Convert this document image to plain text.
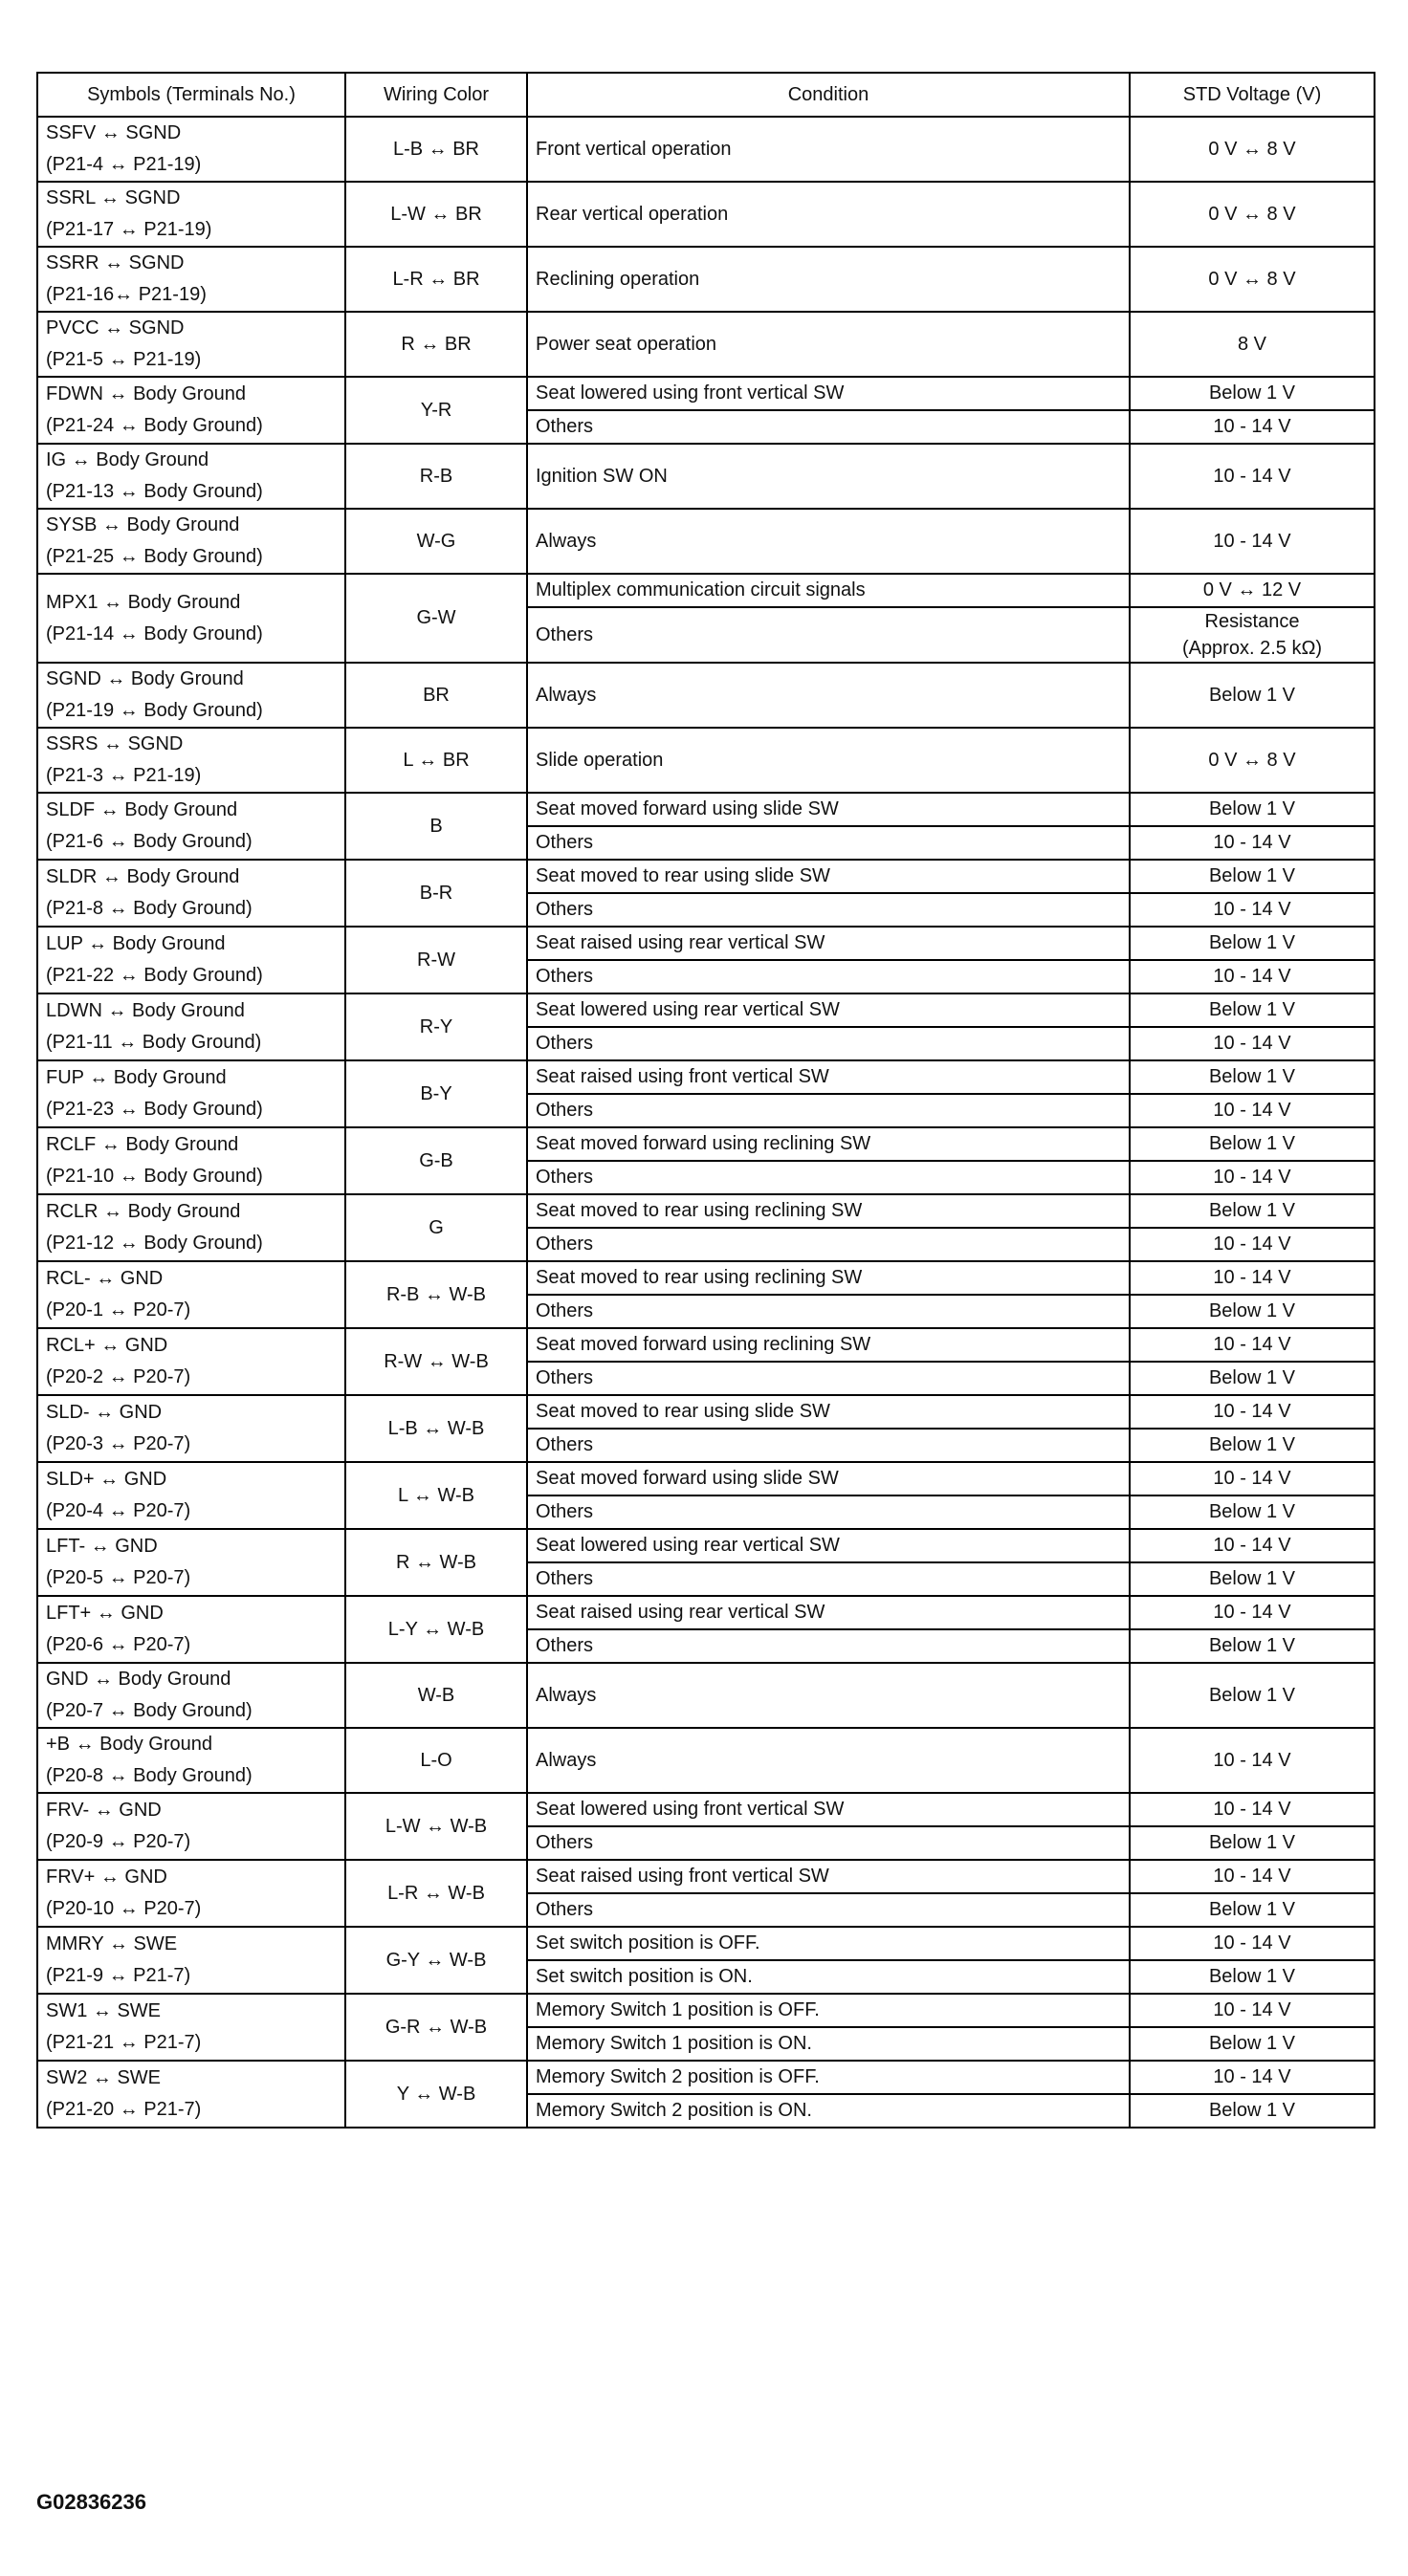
Symbols (Terminals No.)	Wiring Color	Condition	STD Voltage (V)

SSFV ↔ SGND
(P21-4 ↔ P21-19)	L-B ↔ BR	Front vertical operation	0 V ↔ 8 V

SSRL ↔ SGND
(P21-17 ↔ P21-19)	L-W ↔ BR	Rear vertical operation	0 V ↔ 8 V

SSRR ↔ SGND
(P21-16↔ P21-19)	L-R ↔ BR	Reclining operation	0 V ↔ 8 V

PVCC ↔ SGND
(P21-5 ↔ P21-19)	R ↔ BR	Power seat operation	8 V

FDWN ↔ Body Ground
(P21-24 ↔ Body Ground)	Y-R	Seat lowered using front vertical SW	Below 1 V
		Others	10 - 14 V

IG ↔ Body Ground
(P21-13 ↔ Body Ground)	R-B	Ignition SW ON	10 - 14 V

SYSB ↔ Body Ground
(P21-25 ↔ Body Ground)	W-G	Always	10 - 14 V

MPX1 ↔ Body Ground
(P21-14 ↔ Body Ground)	G-W	Multiplex communication circuit signals	0 V ↔ 12 V
		Others	Resistance
(Approx. 2.5 kΩ)

SGND ↔ Body Ground
(P21-19 ↔ Body Ground)	BR	Always	Below 1 V

SSRS ↔ SGND
(P21-3 ↔ P21-19)	L ↔ BR	Slide operation	0 V ↔ 8 V

SLDF ↔ Body Ground
(P21-6 ↔ Body Ground)	B	Seat moved forward using slide SW	Below 1 V
		Others	10 - 14 V

SLDR ↔ Body Ground
(P21-8 ↔ Body Ground)	B-R	Seat moved to rear using slide SW	Below 1 V
		Others	10 - 14 V

LUP ↔ Body Ground
(P21-22 ↔ Body Ground)	R-W	Seat raised using rear vertical SW	Below 1 V
		Others	10 - 14 V

LDWN ↔ Body Ground
(P21-11 ↔ Body Ground)	R-Y	Seat lowered using rear vertical SW	Below 1 V
		Others	10 - 14 V

FUP ↔ Body Ground
(P21-23 ↔ Body Ground)	B-Y	Seat raised using front vertical SW	Below 1 V
		Others	10 - 14 V

RCLF ↔ Body Ground
(P21-10 ↔ Body Ground)	G-B	Seat moved forward using reclining SW	Below 1 V
		Others	10 - 14 V

RCLR ↔ Body Ground
(P21-12 ↔ Body Ground)	G	Seat moved to rear using reclining SW	Below 1 V
		Others	10 - 14 V

RCL- ↔ GND
(P20-1 ↔ P20-7)	R-B ↔ W-B	Seat moved to rear using reclining SW	10 - 14 V
		Others	Below 1 V

RCL+ ↔ GND
(P20-2 ↔ P20-7)	R-W ↔ W-B	Seat moved forward using reclining SW	10 - 14 V
		Others	Below 1 V

SLD- ↔ GND
(P20-3 ↔ P20-7)	L-B ↔ W-B	Seat moved to rear using slide SW	10 - 14 V
		Others	Below 1 V

SLD+ ↔ GND
(P20-4 ↔ P20-7)	L ↔ W-B	Seat moved forward using slide SW	10 - 14 V
		Others	Below 1 V

LFT- ↔ GND
(P20-5 ↔ P20-7)	R ↔ W-B	Seat lowered using rear vertical SW	10 - 14 V
		Others	Below 1 V

LFT+ ↔ GND
(P20-6 ↔ P20-7)	L-Y ↔ W-B	Seat raised using rear vertical SW	10 - 14 V
		Others	Below 1 V

GND ↔ Body Ground
(P20-7 ↔ Body Ground)	W-B	Always	Below 1 V

+B ↔ Body Ground
(P20-8 ↔ Body Ground)	L-O	Always	10 - 14 V

FRV- ↔ GND
(P20-9 ↔ P20-7)	L-W ↔ W-B	Seat lowered using front vertical SW	10 - 14 V
		Others	Below 1 V

FRV+ ↔ GND
(P20-10 ↔ P20-7)	L-R ↔ W-B	Seat raised using front vertical SW	10 - 14 V
		Others	Below 1 V

MMRY ↔ SWE
(P21-9 ↔ P21-7)	G-Y ↔ W-B	Set switch position is OFF.	10 - 14 V
		Set switch position is ON.	Below 1 V

SW1 ↔ SWE
(P21-21 ↔ P21-7)	G-R ↔ W-B	Memory Switch 1 position is OFF.	10 - 14 V
		Memory Switch 1 position is ON.	Below 1 V

SW2 ↔ SWE
(P21-20 ↔ P21-7)	Y ↔ W-B	Memory Switch 2 position is OFF.	10 - 14 V
		Memory Switch 2 position is ON.	Below 1 V
G02836236
